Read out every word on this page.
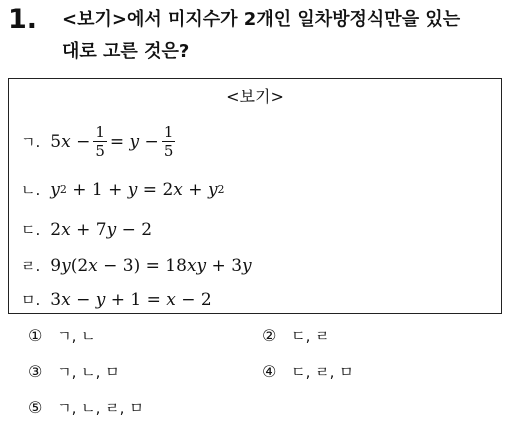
1. <보기>에서 미지수가 2개인 일차방정식만을 있는
대로 고른 것은?
<보기>
ㄱ. 5 $x - \frac{1}{5} = y - \frac{1}{5}$
ㄴ. y 2 + 1 + y = 2 x + y 2
ㄷ. 2 x + 7 y − 2
ㄹ. 9 y (2 x − 3) = 18 xy + 3 y
ㅁ. 3 x − y + 1 = x − 2
① ㄱ, ㄴ	② ㄷ, ㄹ
③ ㄱ, ㄴ, ㅁ	④ ㄷ, ㄹ, ㅁ
⑤ ㄱ, ㄴ, ㄹ, ㅁ
